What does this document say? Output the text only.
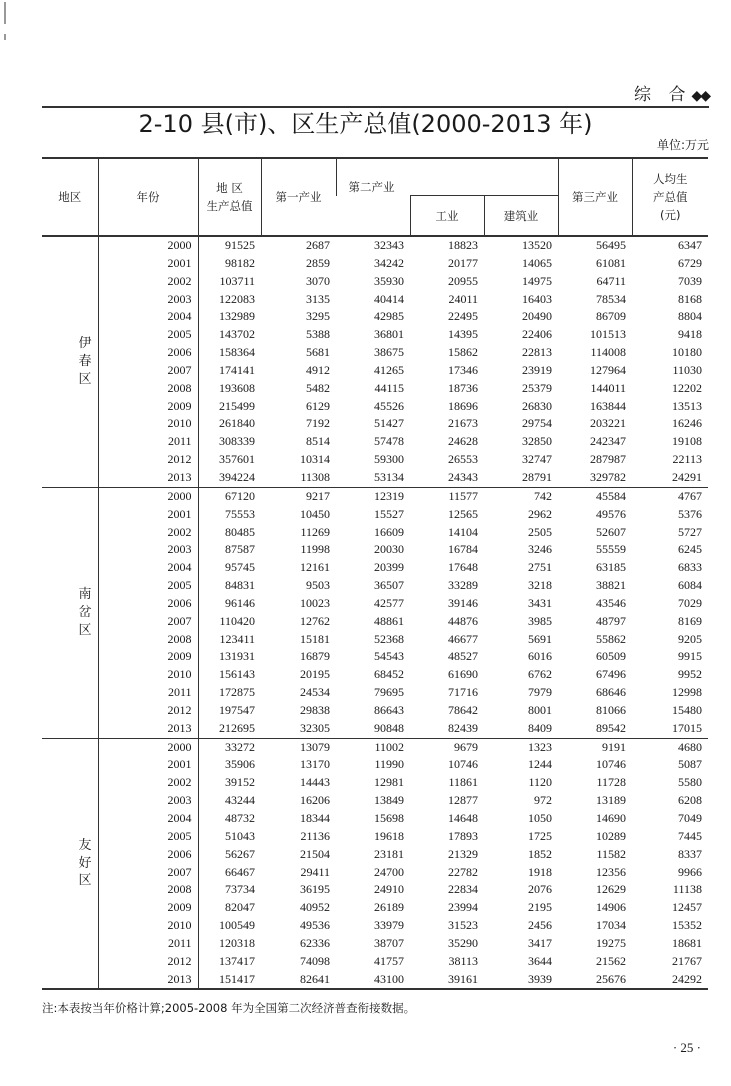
综 合◆◆
2-10 县(市)、区生产总值(2000-2013 年)
单位:万元
地区	年份	地 区
生产总值	第一产业	第二产业			第三产业	人均生
产总值
(元)
					工业	建筑业		
伊
春
区	2000	91525	2687	32343	18823	13520	56495	6347
	2001	98182	2859	34242	20177	14065	61081	6729
	2002	103711	3070	35930	20955	14975	64711	7039
	2003	122083	3135	40414	24011	16403	78534	8168
	2004	132989	3295	42985	22495	20490	86709	8804
	2005	143702	5388	36801	14395	22406	101513	9418
	2006	158364	5681	38675	15862	22813	114008	10180
	2007	174141	4912	41265	17346	23919	127964	11030
	2008	193608	5482	44115	18736	25379	144011	12202
	2009	215499	6129	45526	18696	26830	163844	13513
	2010	261840	7192	51427	21673	29754	203221	16246
	2011	308339	8514	57478	24628	32850	242347	19108
	2012	357601	10314	59300	26553	32747	287987	22113
	2013	394224	11308	53134	24343	28791	329782	24291
南
岔
区	2000	67120	9217	12319	11577	742	45584	4767
	2001	75553	10450	15527	12565	2962	49576	5376
	2002	80485	11269	16609	14104	2505	52607	5727
	2003	87587	11998	20030	16784	3246	55559	6245
	2004	95745	12161	20399	17648	2751	63185	6833
	2005	84831	9503	36507	33289	3218	38821	6084
	2006	96146	10023	42577	39146	3431	43546	7029
	2007	110420	12762	48861	44876	3985	48797	8169
	2008	123411	15181	52368	46677	5691	55862	9205
	2009	131931	16879	54543	48527	6016	60509	9915
	2010	156143	20195	68452	61690	6762	67496	9952
	2011	172875	24534	79695	71716	7979	68646	12998
	2012	197547	29838	86643	78642	8001	81066	15480
	2013	212695	32305	90848	82439	8409	89542	17015
友
好
区	2000	33272	13079	11002	9679	1323	9191	4680
	2001	35906	13170	11990	10746	1244	10746	5087
	2002	39152	14443	12981	11861	1120	11728	5580
	2003	43244	16206	13849	12877	972	13189	6208
	2004	48732	18344	15698	14648	1050	14690	7049
	2005	51043	21136	19618	17893	1725	10289	7445
	2006	56267	21504	23181	21329	1852	11582	8337
	2007	66467	29411	24700	22782	1918	12356	9966
	2008	73734	36195	24910	22834	2076	12629	11138
	2009	82047	40952	26189	23994	2195	14906	12457
	2010	100549	49536	33979	31523	2456	17034	15352
	2011	120318	62336	38707	35290	3417	19275	18681
	2012	137417	74098	41757	38113	3644	21562	21767
	2013	151417	82641	43100	39161	3939	25676	24292
注:本表按当年价格计算;2005-2008 年为全国第二次经济普查衔接数据。
· 25 ·
